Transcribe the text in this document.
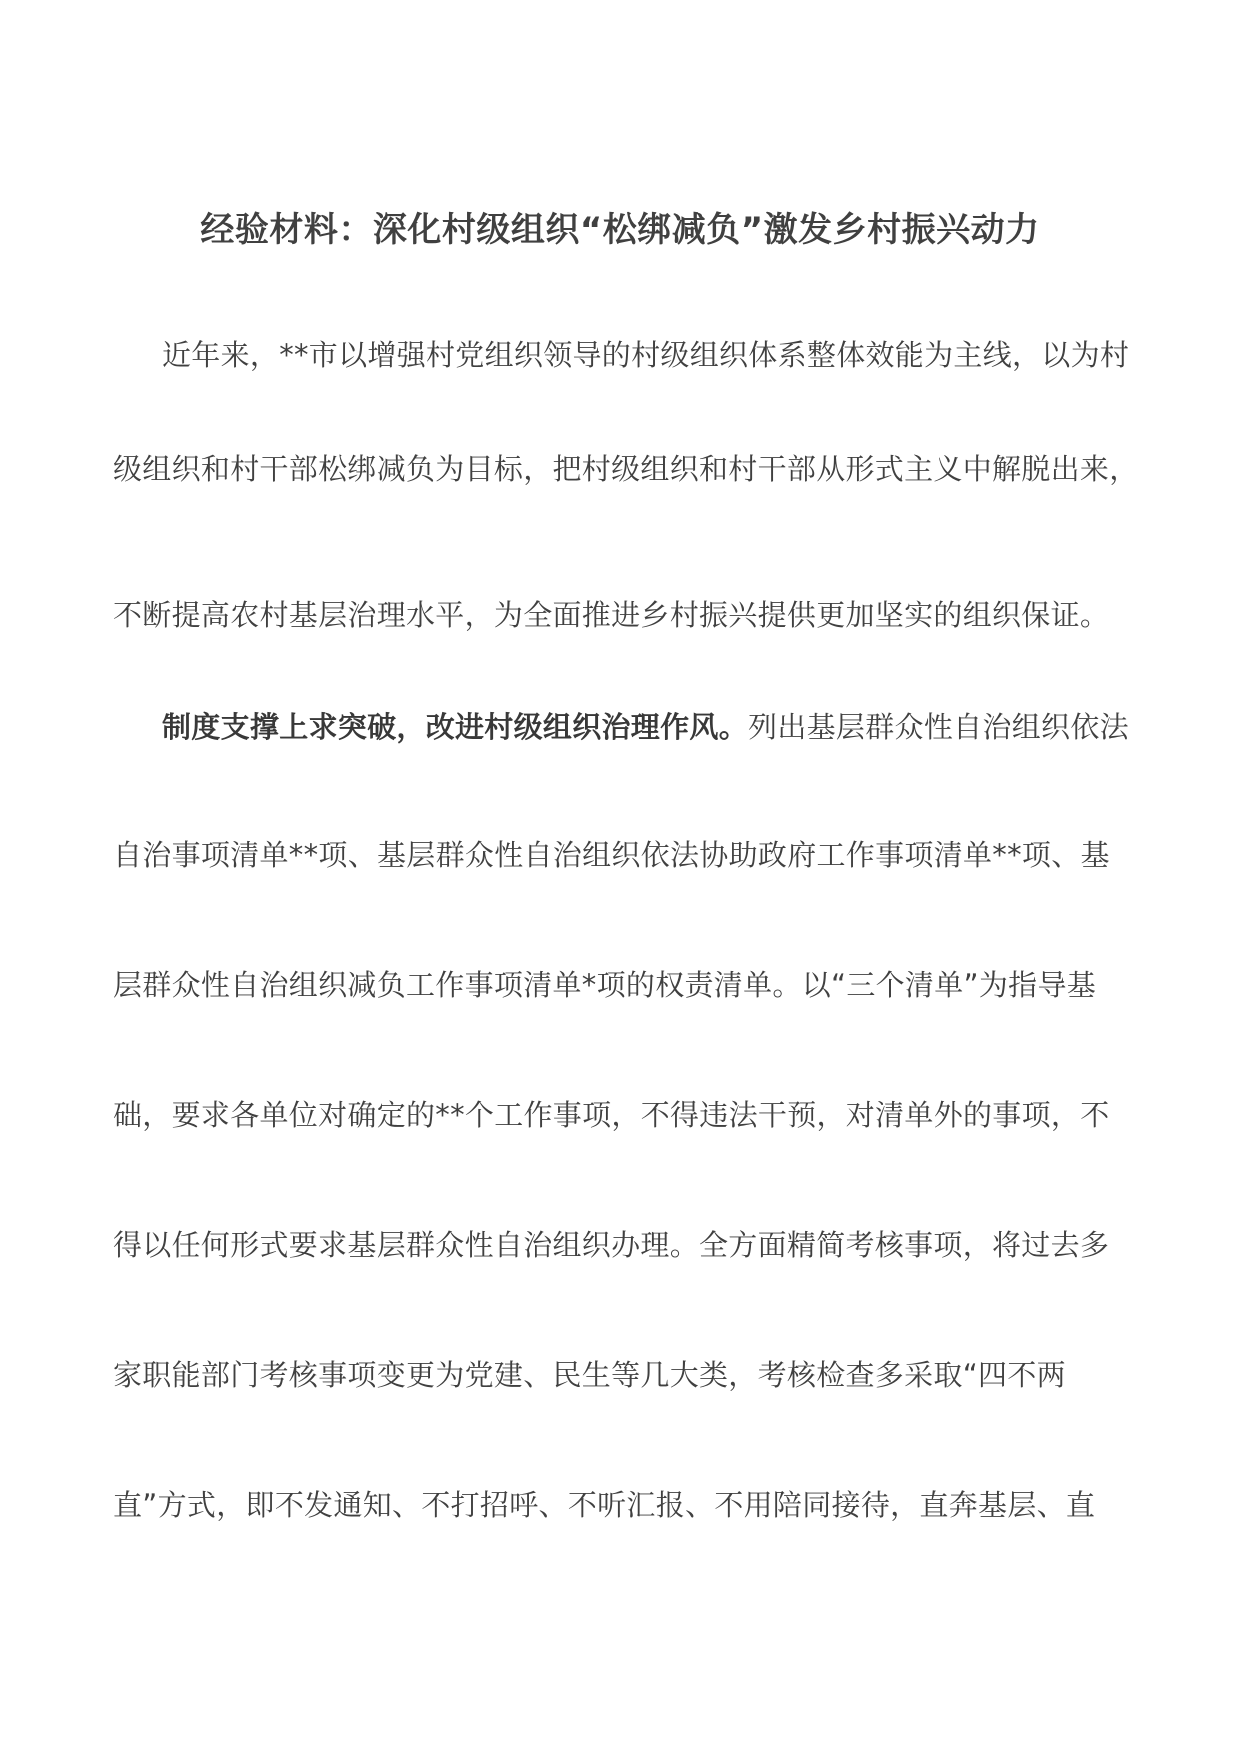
经验材料：深化村级组织“松绑减负”激发乡村振兴动力
近年来，**市以增强村党组织领导的村级组织体系整体效能为主线，以为村
级组织和村干部松绑减负为目标，把村级组织和村干部从形式主义中解脱出来，
不断提高农村基层治理水平，为全面推进乡村振兴提供更加坚实的组织保证。
制度支撑上求突破，改进村级组织治理作风。列出基层群众性自治组织依法
自治事项清单**项、基层群众性自治组织依法协助政府工作事项清单**项、基
层群众性自治组织减负工作事项清单*项的权责清单。以“三个清单”为指导基
础，要求各单位对确定的**个工作事项，不得违法干预，对清单外的事项，不
得以任何形式要求基层群众性自治组织办理。全方面精简考核事项，将过去多
家职能部门考核事项变更为党建、民生等几大类，考核检查多采取“四不两
直”方式，即不发通知、不打招呼、不听汇报、不用陪同接待，直奔基层、直
